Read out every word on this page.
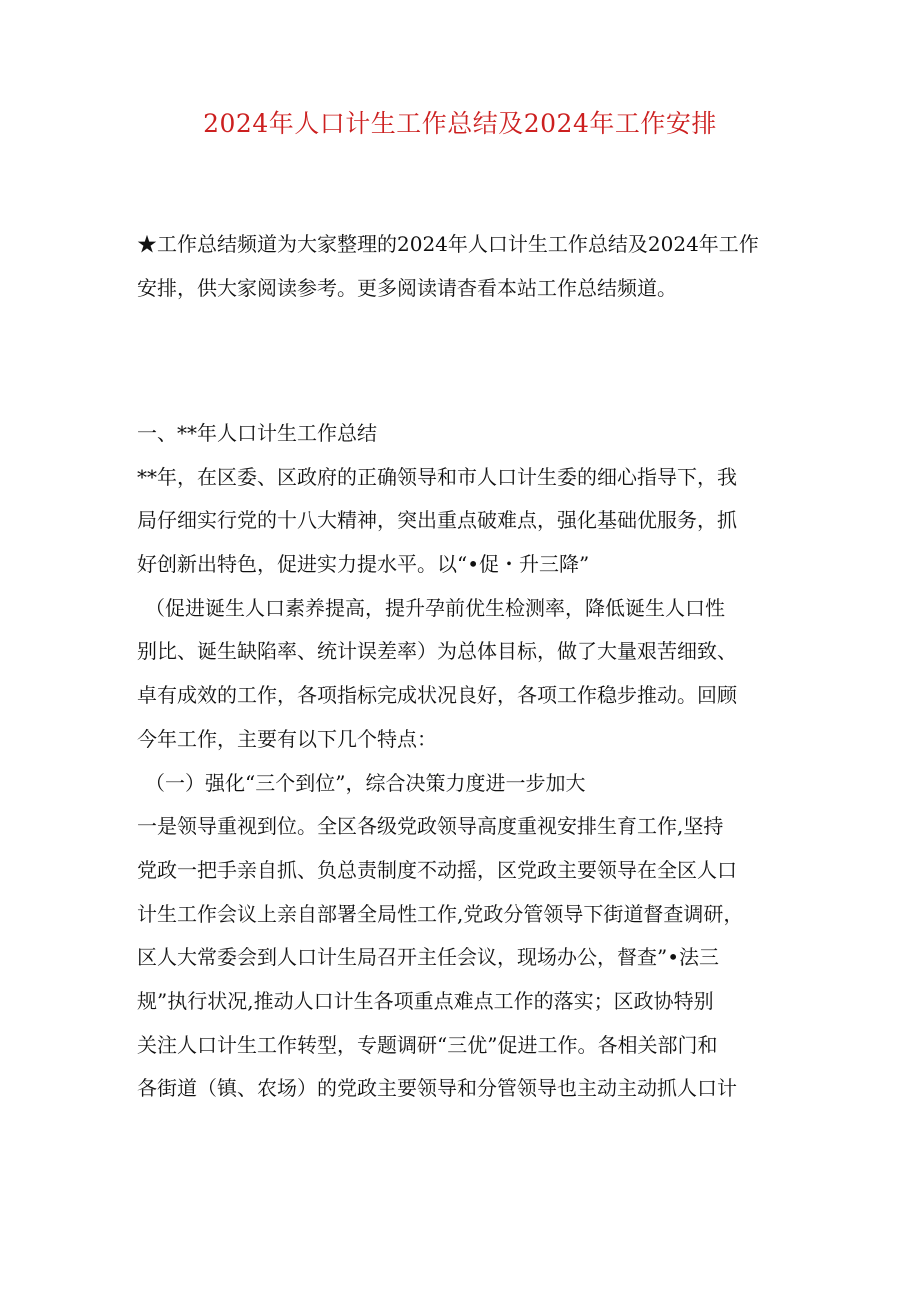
2024年人口计生工作总结及2024年工作安排
★工作总结频道为大家整理的2024年人口计生工作总结及2024年工作
安排，供大家阅读参考。更多阅读请杳看本站工作总结频道。
一、**年人口计生工作总结
**年，在区委、区政府的正确领导和市人口计生委的细心指导下，我
局仔细实行党的十八大精神，突出重点破难点，强化基础优服务，抓
好创新出特色，促进实力提水平。以“•促・升三降”
（促进诞生人口素养提高，提升孕前优生检测率，降低诞生人口性
别比、诞生缺陷率、统计误差率）为总体目标，做了大量艰苦细致、
卓有成效的工作，各项指标完成状况良好，各项工作稳步推动。回顾
今年工作，主要有以下几个特点：
（一）强化“三个到位”，综合决策力度进一步加大
一是领导重视到位。全区各级党政领导高度重视安排生育工作,坚持
党政一把手亲自抓、负总责制度不动摇，区党政主要领导在全区人口
计生工作会议上亲自部署全局性工作,党政分管领导下街道督查调研，
区人大常委会到人口计生局召开主任会议，现场办公，督查”•法三
规”执行状况,推动人口计生各项重点难点工作的落实；区政协特别
关注人口计生工作转型，专题调研“三优”促进工作。各相关部门和
各街道（镇、农场）的党政主要领导和分管领导也主动主动抓人口计
